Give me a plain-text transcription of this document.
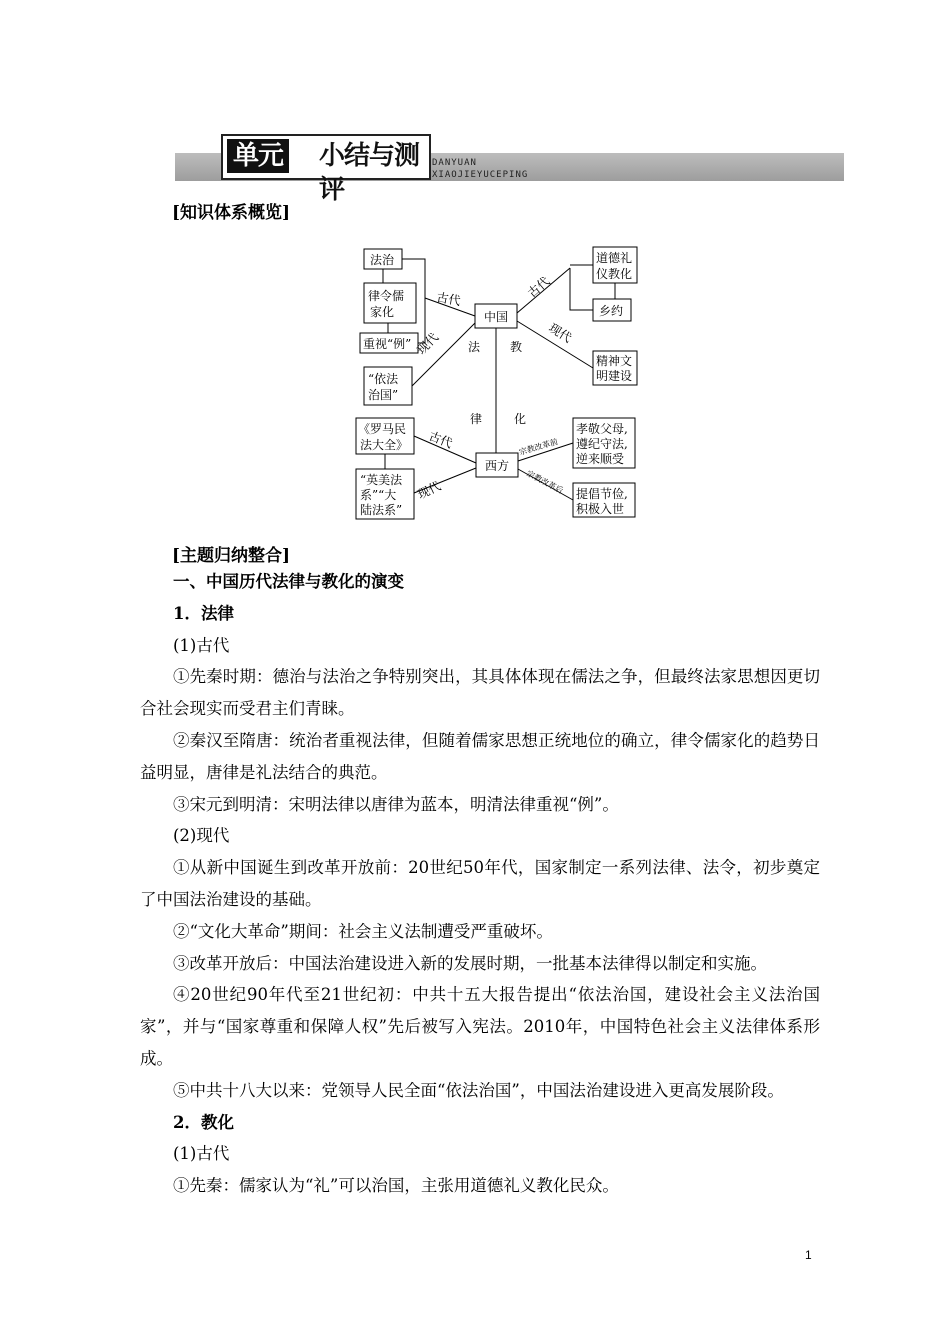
单元 小结与测评
DANYUAN
XIAOJIEYUCEPING
[知识体系概览]
法治
律令儒
家化
重视“例”
“依法
治国”
中国
道德礼
仪教化
乡约
精神文
明建设
《罗马民
法大全》
“英美法
系”“大
陆法系”
西方
孝敬父母,
遵纪守法,
逆来顺受
提倡节俭,
积极入世
古代
现代
古代
现代
法 教
律	化
古代
现代
宗教改革前
宗教改革后
[主题归纳整合]

一、中国历代法律与教化的演变

1．法律

(1)古代

①先秦时期：德治与法治之争特别突出，其具体体现在儒法之争，但最终法家思想因更切合社会现实而受君主们青睐。

②秦汉至隋唐：统治者重视法律，但随着儒家思想正统地位的确立，律令儒家化的趋势日益明显，唐律是礼法结合的典范。

③宋元到明清：宋明法律以唐律为蓝本，明清法律重视“例”。

(2)现代

①从新中国诞生到改革开放前：20世纪50年代，国家制定一系列法律、法令，初步奠定了中国法治建设的基础。

②“文化大革命”期间：社会主义法制遭受严重破坏。

③改革开放后：中国法治建设进入新的发展时期，一批基本法律得以制定和实施。

④20世纪90年代至21世纪初：中共十五大报告提出“依法治国，建设社会主义法治国家”，并与“国家尊重和保障人权”先后被写入宪法。2010年，中国特色社会主义法律体系形成。

⑤中共十八大以来：党领导人民全面“依法治国”，中国法治建设进入更高发展阶段。

2．教化

(1)古代

①先秦：儒家认为“礼”可以治国，主张用道德礼义教化民众。

1
